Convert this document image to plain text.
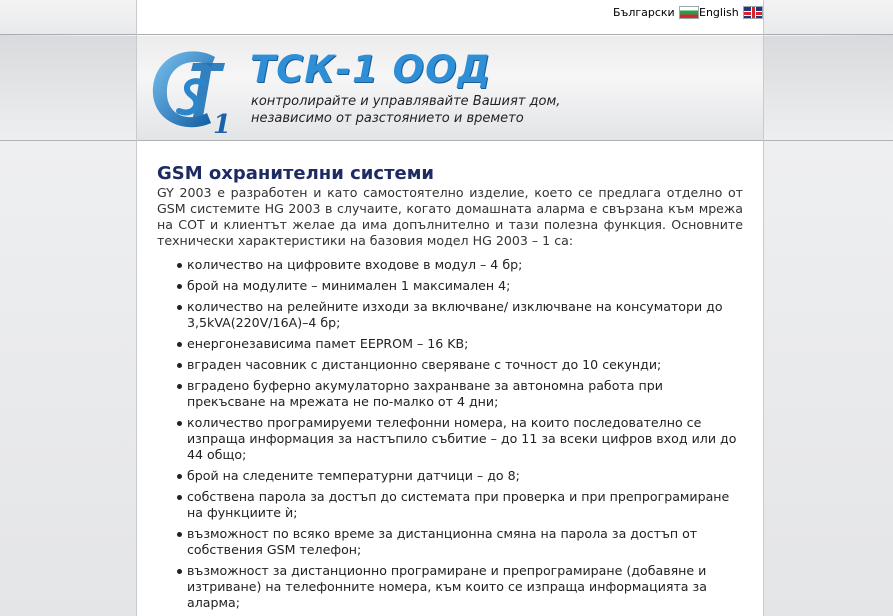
Български English
1
ТСК-1 ООД
контролирайте и управлявайте Вашият дом,
независимо от разстоянието и времето
GSM охранителни системи

GY 2003 е разработен и като самостоятелно изделие, което се предлага отделно от GSM системите HG 2003 в случаите, когато домашната аларма е свързана към мрежа на СОТ и клиентът желае да има допълнително и тази полезна функция. Основните технически характеристики на базовия модел HG 2003 – 1 са:

количество на цифровите входове в модул – 4 бр;
брой на модулите – минимален 1 максимален 4;
количество на релейните изходи за включване/ изключване на консуматори до 3,5kVA(220V/16A)–4 бр;
енергонезависима памет EEPROM – 16 KB;
вграден часовник с дистанционно сверяване с точност до 10 секунди;
вградено буферно акумулаторно захранване за автономна работа при прекъсване на мрежата не по-малко от 4 дни;
количество програмируеми телефонни номера, на които последователно се изпраща информация за настъпило събитие – до 11 за всеки цифров вход или до 44 общо;
брой на следените температурни датчици – до 8;
собствена парола за достъп до системата при проверка и при препрограмиране на функциите ѝ;
възможност по всяко време за дистанционна смяна на парола за достъп от собствения GSM телефон;
възможност за дистанционно програмиране и препрограмиране (добавяне и изтриване) на телефонните номера, към които се изпраща информацията за аларма;
